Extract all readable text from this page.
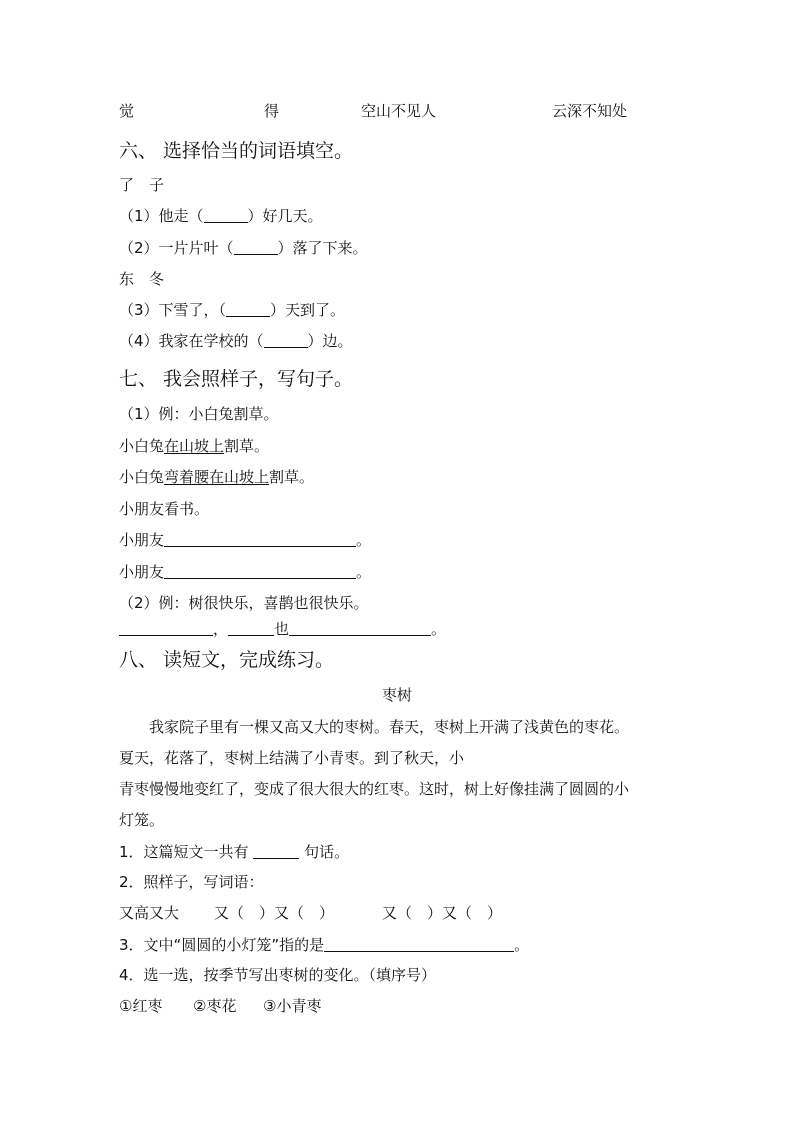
觉	得	空山不见人	云深不知处
六、 选择恰当的词语填空。
了　子
（1）他走（	）好几天。
（2）一片片叶（	）落了下来。
东　冬
（3）下雪了，（	）天到了。
（4）我家在学校的（	）边。
七、 我会照样子，写句子。
（1）例：小白兔割草。
小白兔在山坡上割草。
小白兔弯着腰在山坡上割草。
小朋友看书。
小朋友	。
小朋友	。
（2）例：树很快乐，喜鹊也很快乐。
，	也	。
八、 读短文，完成练习。
枣树
　　我家院子里有一棵又高又大的枣树。春天，枣树上开满了浅黄色的枣花。
夏天，花落了，枣树上结满了小青枣。到了秋天，小
青枣慢慢地变红了，变成了很大很大的红枣。这时，树上好像挂满了圆圆的小
灯笼。
1．这篇短文一共有	句话。
2．照样子，写词语：
又高又大 又（　）又（　）	又（　）又（　）
3．文中“圆圆的小灯笼”指的是	。
4．选一选，按季节写出枣树的变化。（填序号）
①红枣 ②枣花 ③小青枣
